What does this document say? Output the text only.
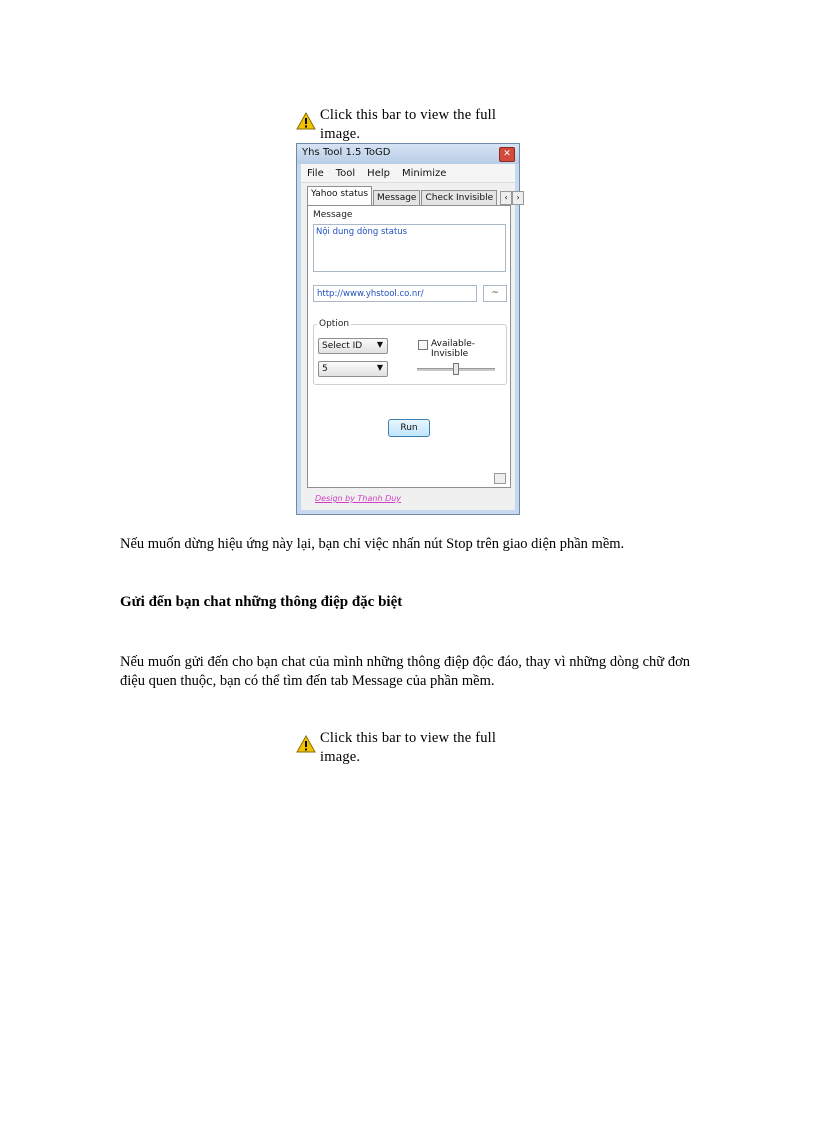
Click this bar to view the full image.
Yhs Tool 1.5 ToGD	✕
File Tool Help Minimize
Yahoo status	Message	Check Invisible	‹	›
Message
Nội dung dòng status
http://www.yhstool.co.nr/	~
Option
Select ID ▼
5	▼
Available-Invisible
Run
Design by Thanh Duy

Nếu muốn dừng hiệu ứng này lại, bạn chỉ việc nhấn nút Stop trên giao diện phần mềm.

Gửi đến bạn chat những thông điệp đặc biệt

Nếu muốn gửi đến cho bạn chat của mình những thông điệp độc đáo, thay vì những dòng chữ đơn điệu quen thuộc, bạn có thể tìm đến tab Message của phần mềm.

Click this bar to view the full image.
